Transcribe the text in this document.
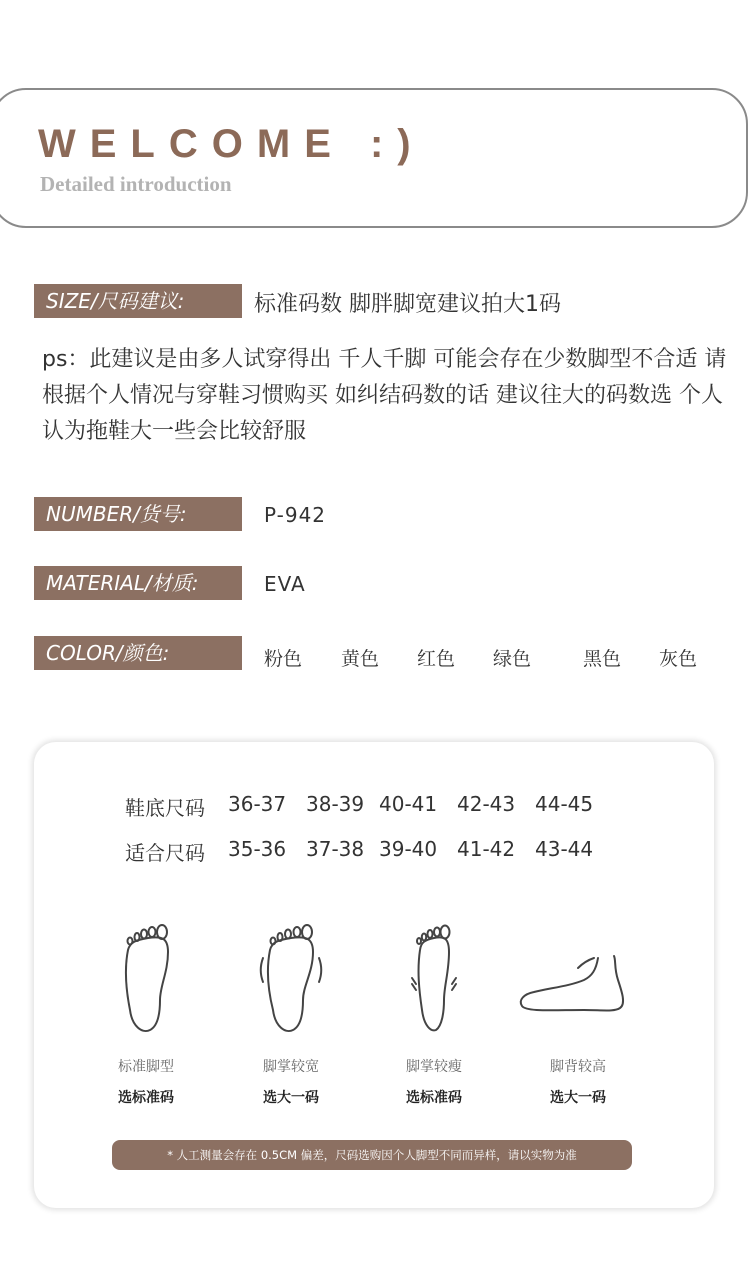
WELCOME :)
Detailed introduction
SIZE/尺码建议:	标准码数 脚胖脚宽建议拍大1码
ps：此建议是由多人试穿得出 千人千脚 可能会存在少数脚型不合适 请根据个人情况与穿鞋习惯购买 如纠结码数的话 建议往大的码数选 个人认为拖鞋大一些会比较舒服
NUMBER/货号:	P-942
MATERIAL/材质:	EVA
COLOR/颜色:	粉色 黄色 红色 绿色	黑色 灰色
鞋底尺码 36-37 38-39 40-41 42-43 44-45
适合尺码 35-36 37-38 39-40 41-42 43-44
标准脚型
选标准码
脚掌较宽
选大一码
脚掌较瘦
选标准码
脚背较高
选大一码
* 人工测量会存在 0.5CM 偏差，尺码选购因个人脚型不同而异样，请以实物为准
